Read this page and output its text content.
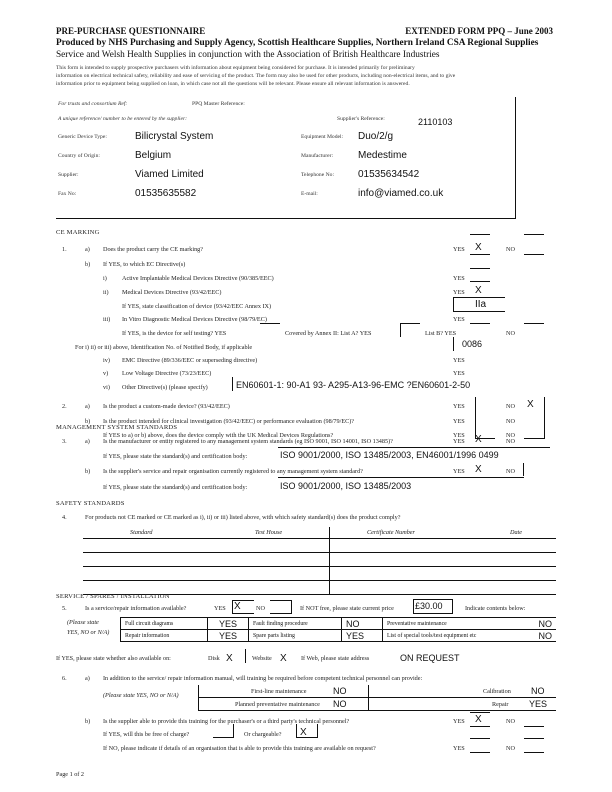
PRE-PURCHASE QUESTIONNAIRE	EXTENDED FORM PPQ – June 2003
Produced by NHS Purchasing and Supply Agency, Scottish Healthcare Supplies, Northern Ireland CSA Regional Supplies
Service and Welsh Health Supplies in conjunction with the Association of British Healthcare Industries
This form is intended to supply prospective purchasers with information about equipment being considered for purchase. It is intended primarily for preliminary
information on electrical technical safety, reliability and ease of servicing of the product. The form may also be used for other products, including non-electrical items, and to give
information prior to equipment being supplied on loan, in which case not all the questions will be relevant. Please ensure all relevant information is answered.
For trusts and consortium Ref:	PPQ Master Reference:
A unique reference/ number to be entered by the supplier:	Supplier's Reference:	2110103
Generic Device Type:	Bilicrystal System	Equipment Model: Duo/2/g
Country of Origin:	Belgium	Manufacturer:	Medestime
Supplier:	Viamed Limited	Telephone No: 01535634542
Fax No:	01535635582	E-mail:	info@viamed.co.uk
CE MARKING
1.	a) Does the product carry the CE marking?	YES X	NO
b) If YES, to which EC Directive(s)
i) Active Implantable Medical Devices Directive (90/385/EEC)	YES
ii) Medical Devices Directive (93/42/EEC)	YES X
If YES, state classification of device (93/42/EEC Annex IX)	IIa
iii) In Vitro Diagnostic Medical Devices Directive (98/79/EC)	YES
If YES, is the device for self testing? YES	Covered by Annex II: List A? YES	List B? YES	NO
For i) ii) or iii) above, Identification No. of Notified Body, if applicable	0086
iv) EMC Directive (89/336/EEC or superseding directive)	YES
v) Low Voltage Directive (73/23/EEC)	YES
vi) Other Directive(s) (please specify)	EN60601-1: 90-A1 93- A295-A13-96-EMC ?EN60601-2-50
2.	a) Is the product a custom-made device? (93/42/EEC)	YES	NO X
b) Is the product intended for clinical investigation (93/42/EEC) or performance evaluation (98/79/EC)?	YES	NO
If YES to a) or b) above, does the device comply with the UK Medical Devices Regulations?	YES	NO
MANAGEMENT SYSTEM STANDARDS
3.	a) Is the manufacturer or entity registered to any management system standards (eg ISO 9001, ISO 14001, ISO 13485)?	YES X	NO
If YES, please state the standard(s) and certification body:	ISO 9001/2000, ISO 13485/2003, EN46001/1996 0499
b) Is the supplier's service and repair organisation currently registered to any management system standard?	YES X	NO
If YES, please state the standard(s) and certification body:	ISO 9001/2000, ISO 13485/2003
SAFETY STANDARDS
4.	For products not CE marked or CE marked as i), ii) or iii) listed above, with which safety standard(s) does the product comply?
Standard	Test House	Certificate Number	Date
SERVICE / SPARES / INSTALLATION
5.	Is a service/repair information available?	YES X NO	If NOT free, please state current price £30.00	Indicate contents below:
(Please state
YES, NO or N/A)
Full circuit diagrams	YES	Fault finding procedure	NO	Preventative maintenance	NO
Repair information	YES	Spare parts listing	YES	List of special tools/test equipment etc	NO
If YES, please state whether also available on:	Disk X	Website X If Web, please state address	ON REQUEST
6.	a) In addition to the service/ repair information manual, will training be required before competent technical personnel can provide:
(Please state YES, NO or N/A)
First-line maintenance	NO	Calibration NO
Planned preventative maintenance NO	Repair YES
b) Is the supplier able to provide this training for the purchaser's or a third party's technical personnel?	YES X	NO
If YES, will this be free of charge?	Or chargeable? X
If NO, please indicate if details of an organisation that is able to provide this training are available on request?	YES	NO
Page 1 of 2
